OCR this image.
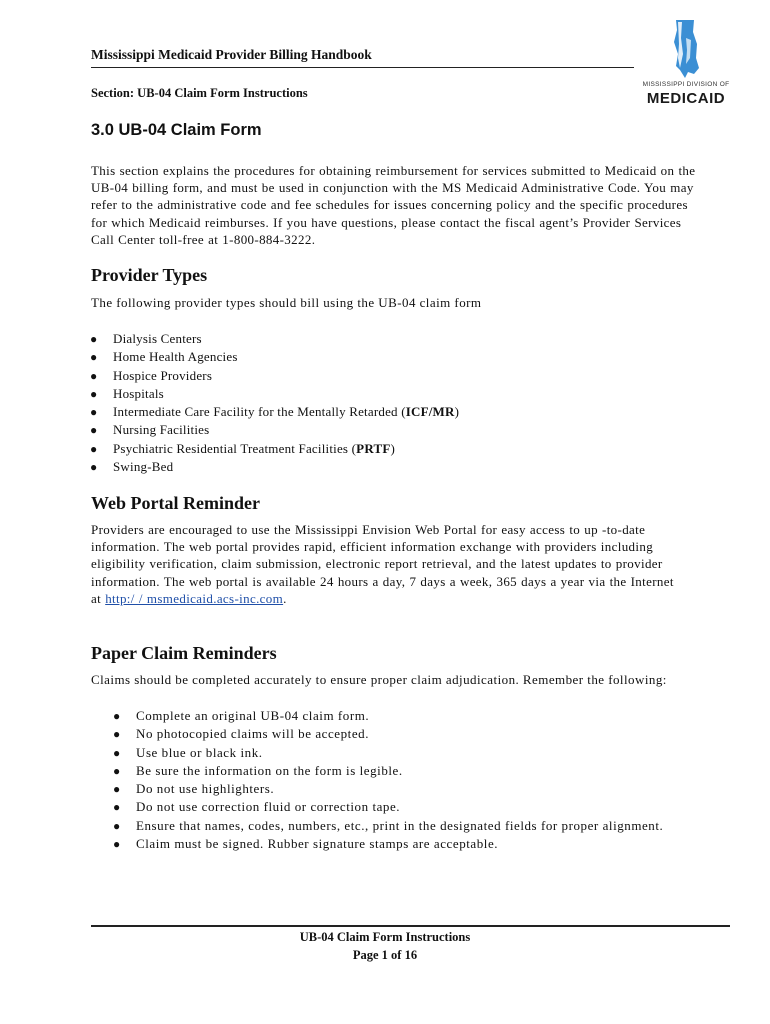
Mississippi Medicaid Provider Billing Handbook
Section: UB-04 Claim Form Instructions
MISSISSIPPI DIVISION OF
MEDICAID
3.0 UB-04 Claim Form
This section explains the procedures for obtaining reimbursement for services submitted to Medicaid on the
UB-04 billing form, and must be used in conjunction with the MS Medicaid Administrative Code. You may
refer to the administrative code and fee schedules for issues concerning policy and the specific procedures
for which Medicaid reimburses. If you have questions, please contact the fiscal agent’s Provider Services
Call Center toll-free at 1-800-884-3222.
Provider Types
The following provider types should bill using the UB-04 claim form
● Dialysis Centers
● Home Health Agencies
● Hospice Providers
● Hospitals
● Intermediate Care Facility for the Mentally Retarded (ICF/MR)
● Nursing Facilities
● Psychiatric Residential Treatment Facilities (PRTF)
● Swing-Bed
Web Portal Reminder
Providers are encouraged to use the Mississippi Envision Web Portal for easy access to up -to-date
information. The web portal provides rapid, efficient information exchange with providers including
eligibility verification, claim submission, electronic report retrieval, and the latest updates to provider
information. The web portal is available 24 hours a day, 7 days a week, 365 days a year via the Internet
at http:/ / msmedicaid.acs-inc.com.
Paper Claim Reminders
Claims should be completed accurately to ensure proper claim adjudication. Remember the following:
● Complete an original UB-04 claim form.
● No photocopied claims will be accepted.
● Use blue or black ink.
● Be sure the information on the form is legible.
● Do not use highlighters.
● Do not use correction fluid or correction tape.
● Ensure that names, codes, numbers, etc., print in the designated fields for proper alignment.
● Claim must be signed. Rubber signature stamps are acceptable.
UB-04 Claim Form Instructions
Page 1 of 16
